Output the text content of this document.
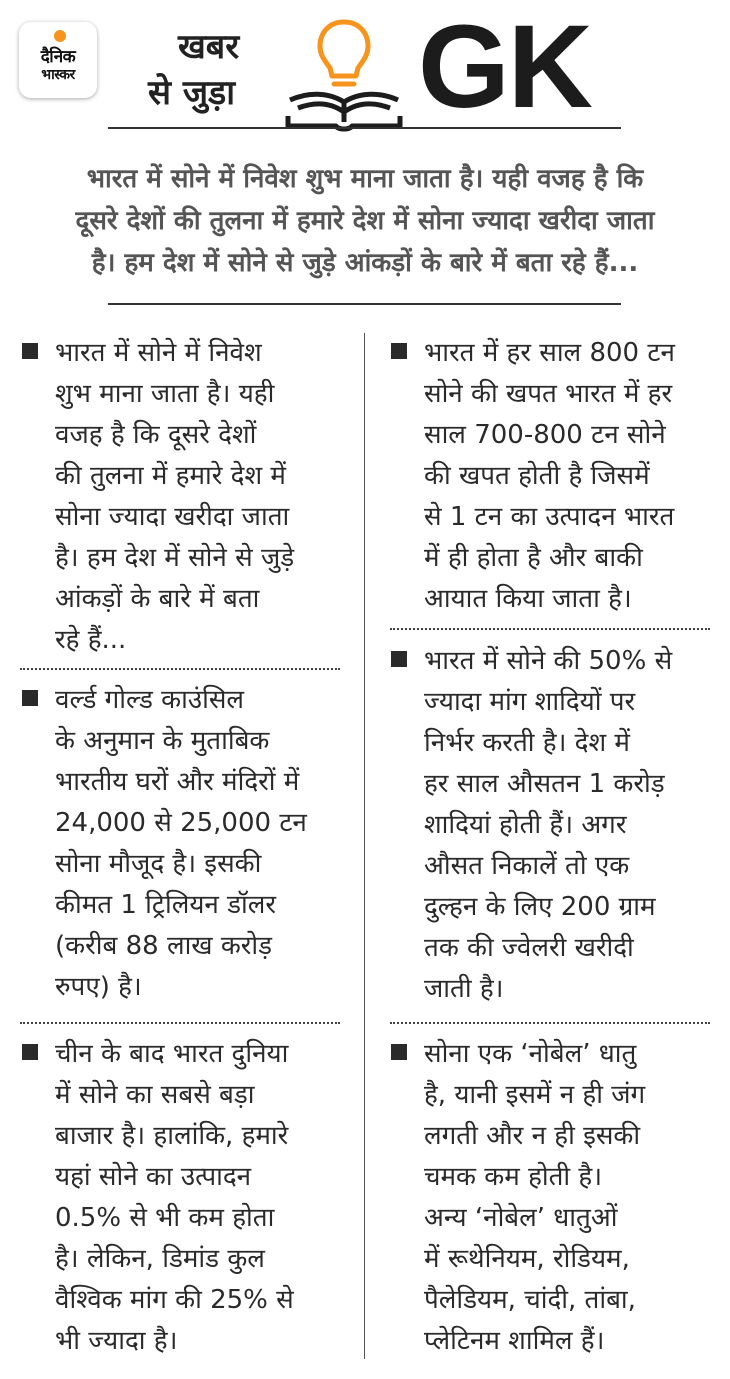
दैनिक
भास्कर
खबर
से जुड़ा GK
भारत में सोने में निवेश शुभ माना जाता है। यही वजह है कि
दूसरे देशों की तुलना में हमारे देश में सोना ज्यादा खरीदा जाता
है। हम देश में सोने से जुड़े आंकड़ों के बारे में बता रहे हैं...
भारत में सोने में निवेश
शुभ माना जाता है। यही
वजह है कि दूसरे देशों
की तुलना में हमारे देश में
सोना ज्यादा खरीदा जाता
है। हम देश में सोने से जुड़े
आंकड़ों के बारे में बता
रहे हैं...
वर्ल्ड गोल्ड काउंसिल
के अनुमान के मुताबिक
भारतीय घरों और मंदिरों में
24,000 से 25,000 टन
सोना मौजूद है। इसकी
कीमत 1 ट्रिलियन डॉलर
(करीब 88 लाख करोड़
रुपए) है।
चीन के बाद भारत दुनिया
में सोने का सबसे बड़ा
बाजार है। हालांकि, हमारे
यहां सोने का उत्पादन
0.5% से भी कम होता
है। लेकिन, डिमांड कुल
वैश्विक मांग की 25% से
भी ज्यादा है।
भारत में हर साल 800 टन
सोने की खपत भारत में हर
साल 700-800 टन सोने
की खपत होती है जिसमें
से 1 टन का उत्पादन भारत
में ही होता है और बाकी
आयात किया जाता है।
भारत में सोने की 50% से
ज्यादा मांग शादियों पर
निर्भर करती है। देश में
हर साल औसतन 1 करोड़
शादियां होती हैं। अगर
औसत निकालें तो एक
दुल्हन के लिए 200 ग्राम
तक की ज्वेलरी खरीदी
जाती है।
सोना एक ‘नोबेल’ धातु
है, यानी इसमें न ही जंग
लगती और न ही इसकी
चमक कम होती है।
अन्य ‘नोबेल’ धातुओं
में रूथेनियम, रोडियम,
पैलेडियम, चांदी, तांबा,
प्लेटिनम शामिल हैं।
